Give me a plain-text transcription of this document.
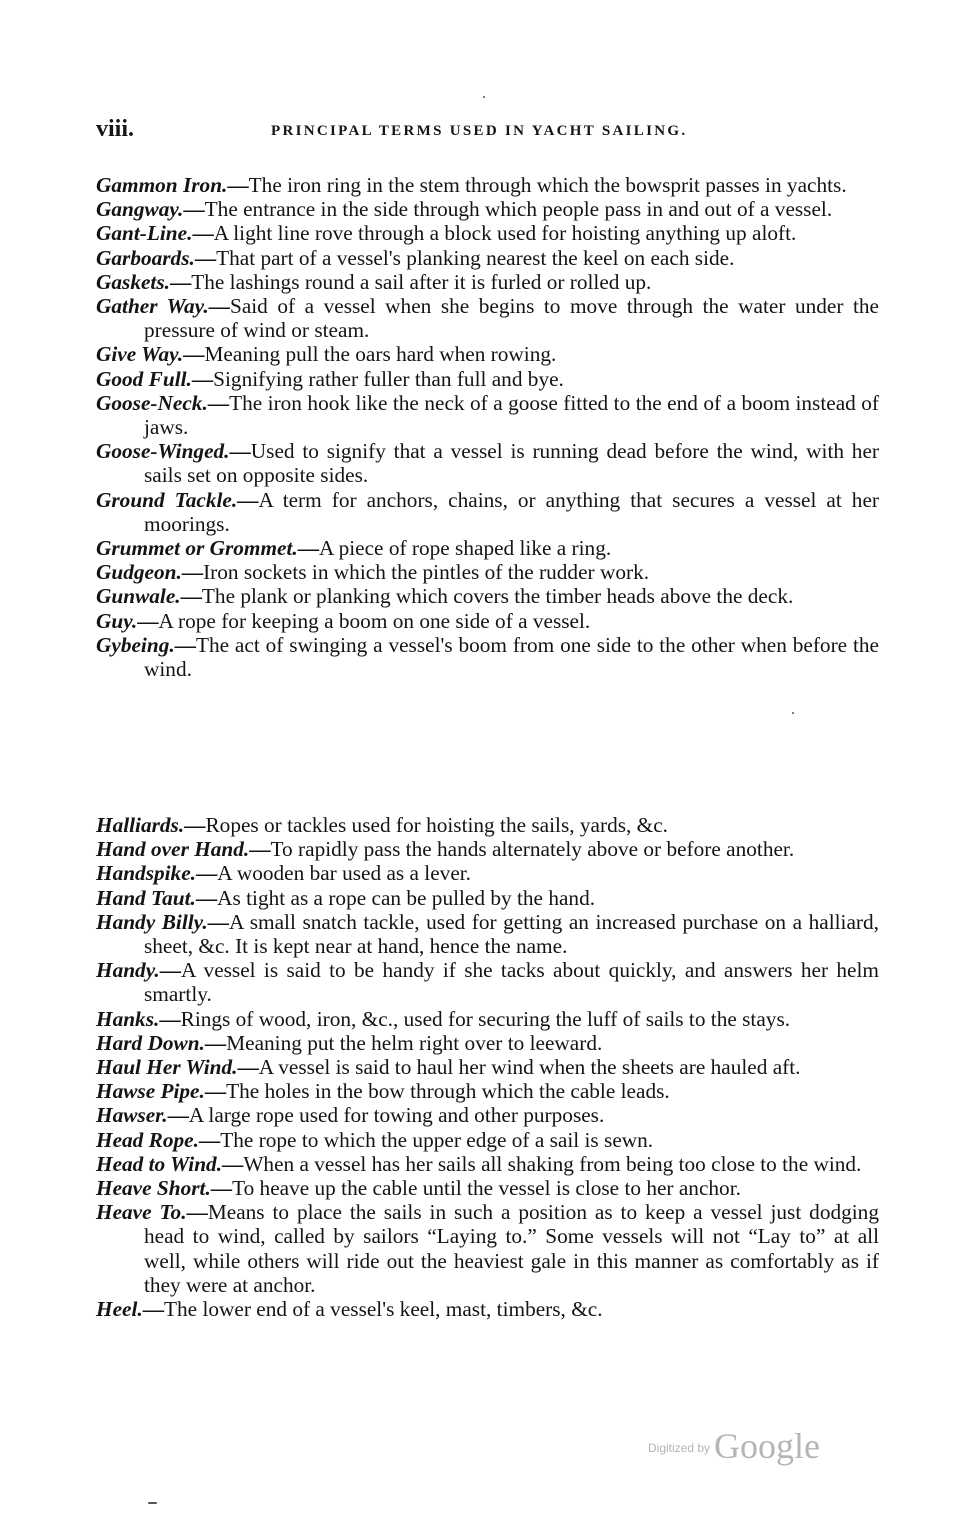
viii.	PRINCIPAL TERMS USED IN YACHT SAILING.
Gammon Iron.—The iron ring in the stem through which the bowsprit passes in yachts.
Gangway.—The entrance in the side through which people pass in and out of a vessel.
Gant-Line.—A light line rove through a block used for hoisting anything up aloft.
Garboards.—That part of a vessel's planking nearest the keel on each side.
Gaskets.—The lashings round a sail after it is furled or rolled up.
Gather Way.—Said of a vessel when she begins to move through the water under the pressure of wind or steam.
Give Way.—Meaning pull the oars hard when rowing.
Good Full.—Signifying rather fuller than full and bye.
Goose-Neck.—The iron hook like the neck of a goose fitted to the end of a boom instead of jaws.
Goose-Winged.—Used to signify that a vessel is running dead before the wind, with her sails set on opposite sides.
Ground Tackle.—A term for anchors, chains, or anything that secures a vessel at her moorings.
Grummet or Grommet.—A piece of rope shaped like a ring.
Gudgeon.—Iron sockets in which the pintles of the rudder work.
Gunwale.—The plank or planking which covers the timber heads above the deck.
Guy.—A rope for keeping a boom on one side of a vessel.
Gybeing.—The act of swinging a vessel's boom from one side to the other when before the wind.
Halliards.—Ropes or tackles used for hoisting the sails, yards, &c.
Hand over Hand.—To rapidly pass the hands alternately above or before another.
Handspike.—A wooden bar used as a lever.
Hand Taut.—As tight as a rope can be pulled by the hand.
Handy Billy.—A small snatch tackle, used for getting an increased purchase on a halliard, sheet, &c. It is kept near at hand, hence the name.
Handy.—A vessel is said to be handy if she tacks about quickly, and answers her helm smartly.
Hanks.—Rings of wood, iron, &c., used for securing the luff of sails to the stays.
Hard Down.—Meaning put the helm right over to leeward.
Haul Her Wind.—A vessel is said to haul her wind when the sheets are hauled aft.
Hawse Pipe.—The holes in the bow through which the cable leads.
Hawser.—A large rope used for towing and other purposes.
Head Rope.—The rope to which the upper edge of a sail is sewn.
Head to Wind.—When a vessel has her sails all shaking from being too close to the wind.
Heave Short.—To heave up the cable until the vessel is close to her anchor.
Heave To.—Means to place the sails in such a position as to keep a vessel just dodging head to wind, called by sailors “Laying to.” Some vessels will not “Lay to” at all well, while others will ride out the heaviest gale in this manner as comfortably as if they were at anchor.
Heel.—The lower end of a vessel's keel, mast, timbers, &c.
$^{Digitized by}$ Google
